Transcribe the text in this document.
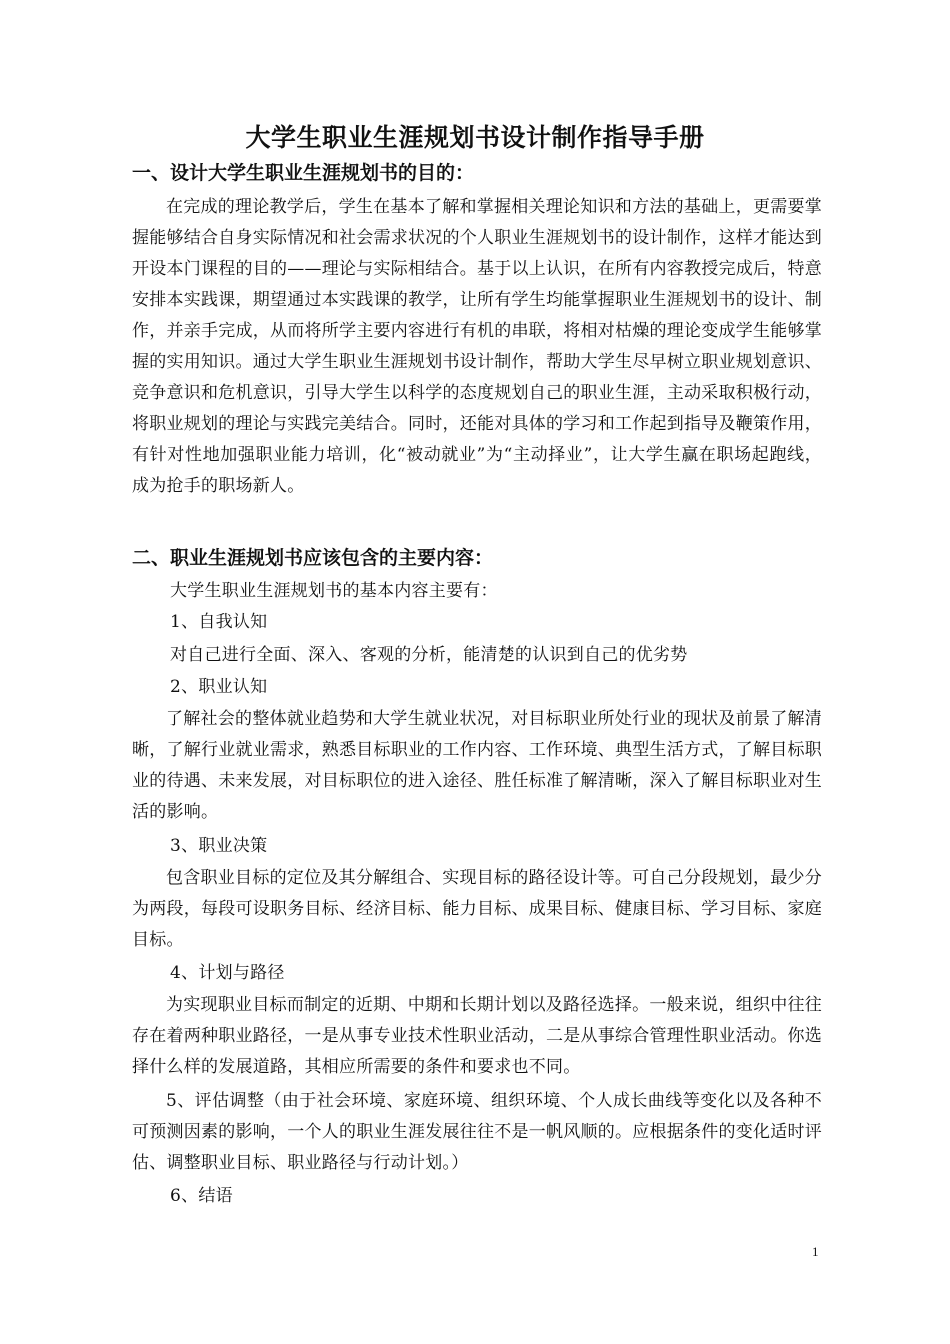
大学生职业生涯规划书设计制作指导手册
一、设计大学生职业生涯规划书的目的：

在完成的理论教学后，学生在基本了解和掌握相关理论知识和方法的基础上，更需要掌握能够结合自身实际情况和社会需求状况的个人职业生涯规划书的设计制作，这样才能达到开设本门课程的目的——理论与实际相结合。基于以上认识，在所有内容教授完成后，特意安排本实践课，期望通过本实践课的教学，让所有学生均能掌握职业生涯规划书的设计、制作，并亲手完成，从而将所学主要内容进行有机的串联，将相对枯燥的理论变成学生能够掌握的实用知识。通过大学生职业生涯规划书设计制作，帮助大学生尽早树立职业规划意识、竞争意识和危机意识，引导大学生以科学的态度规划自己的职业生涯，主动采取积极行动，将职业规划的理论与实践完美结合。同时，还能对具体的学习和工作起到指导及鞭策作用，有针对性地加强职业能力培训，化“被动就业”为“主动择业”，让大学生赢在职场起跑线，成为抢手的职场新人。

二、职业生涯规划书应该包含的主要内容：
大学生职业生涯规划书的基本内容主要有：
1、自我认知
对自己进行全面、深入、客观的分析，能清楚的认识到自己的优劣势
2、职业认知

了解社会的整体就业趋势和大学生就业状况，对目标职业所处行业的现状及前景了解清晰，了解行业就业需求，熟悉目标职业的工作内容、工作环境、典型生活方式，了解目标职业的待遇、未来发展，对目标职位的进入途径、胜任标准了解清晰，深入了解目标职业对生活的影响。

3、职业决策

包含职业目标的定位及其分解组合、实现目标的路径设计等。可自己分段规划，最少分为两段，每段可设职务目标、经济目标、能力目标、成果目标、健康目标、学习目标、家庭目标。

4、计划与路径

为实现职业目标而制定的近期、中期和长期计划以及路径选择。一般来说，组织中往往存在着两种职业路径，一是从事专业技术性职业活动，二是从事综合管理性职业活动。你选择什么样的发展道路，其相应所需要的条件和要求也不同。

5、评估调整（由于社会环境、家庭环境、组织环境、个人成长曲线等变化以及各种不可预测因素的影响，一个人的职业生涯发展往往不是一帆风顺的。应根据条件的变化适时评估、调整职业目标、职业路径与行动计划。）

6、结语
1
